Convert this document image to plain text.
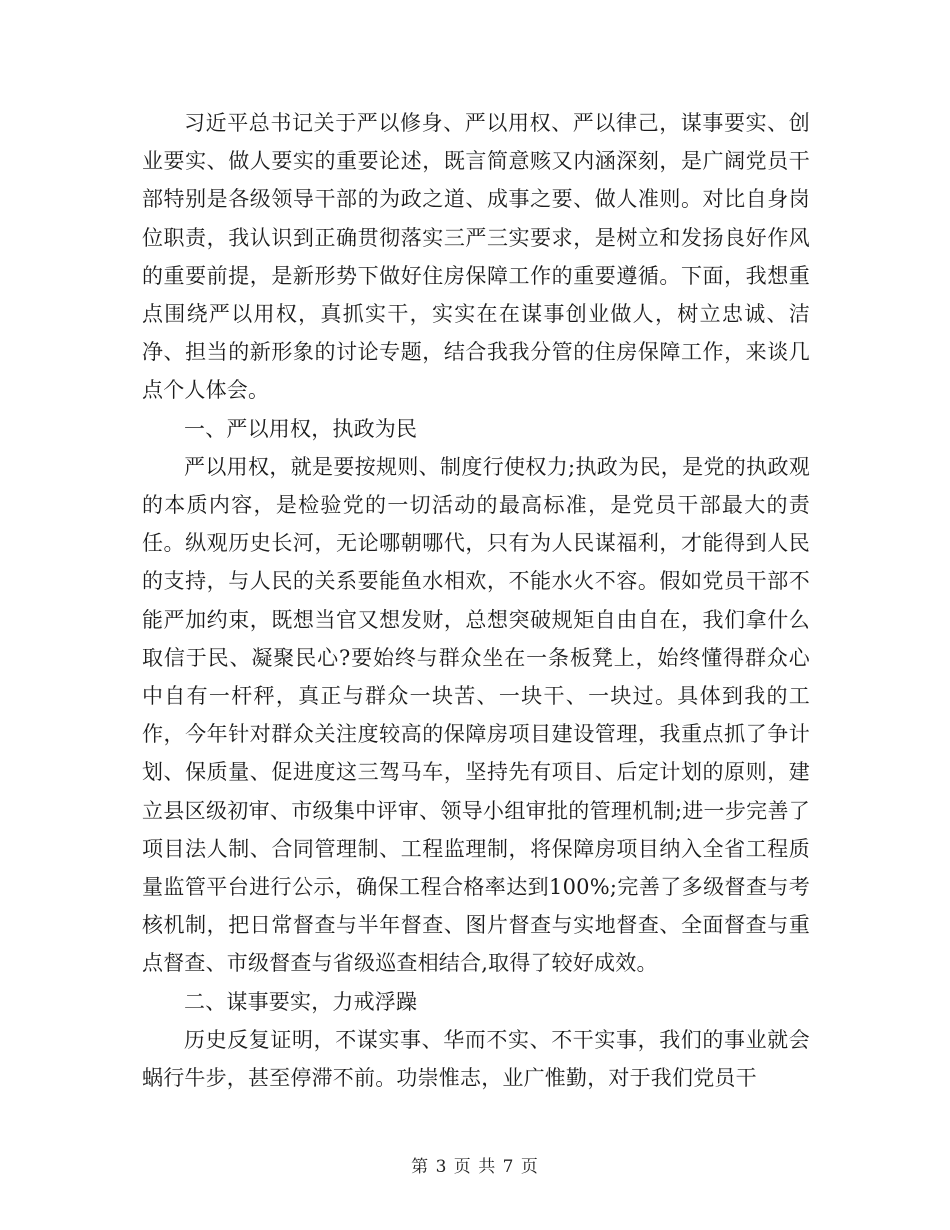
习近平总书记关于严以修身、严以用权、严以律己，谋事要实、创业要实、做人要实的重要论述，既言简意赅又内涵深刻，是广阔党员干部特别是各级领导干部的为政之道、成事之要、做人准则。对比自身岗位职责，我认识到正确贯彻落实三严三实要求，是树立和发扬良好作风的重要前提，是新形势下做好住房保障工作的重要遵循。下面，我想重点围绕严以用权，真抓实干，实实在在谋事创业做人，树立忠诚、洁净、担当的新形象的讨论专题，结合我我分管的住房保障工作，来谈几点个人体会。

一、严以用权，执政为民

严以用权，就是要按规则、制度行使权力;执政为民，是党的执政观的本质内容，是检验党的一切活动的最高标准，是党员干部最大的责任。纵观历史长河，无论哪朝哪代，只有为人民谋福利，才能得到人民的支持，与人民的关系要能鱼水相欢，不能水火不容。假如党员干部不能严加约束，既想当官又想发财，总想突破规矩自由自在，我们拿什么取信于民、凝聚民心?要始终与群众坐在一条板凳上，始终懂得群众心中自有一杆秤，真正与群众一块苦、一块干、一块过。具体到我的工作，今年针对群众关注度较高的保障房项目建设管理，我重点抓了争计划、保质量、促进度这三驾马车，坚持先有项目、后定计划的原则，建立县区级初审、市级集中评审、领导小组审批的管理机制;进一步完善了项目法人制、合同管理制、工程监理制，将保障房项目纳入全省工程质量监管平台进行公示，确保工程合格率达到100%;完善了多级督查与考核机制，把日常督查与半年督查、图片督查与实地督查、全面督查与重点督查、市级督查与省级巡查相结合,取得了较好成效。

二、谋事要实，力戒浮躁

历史反复证明，不谋实事、华而不实、不干实事，我们的事业就会蜗行牛步，甚至停滞不前。功崇惟志，业广惟勤，对于我们党员干

第 3 页 共 7 页
